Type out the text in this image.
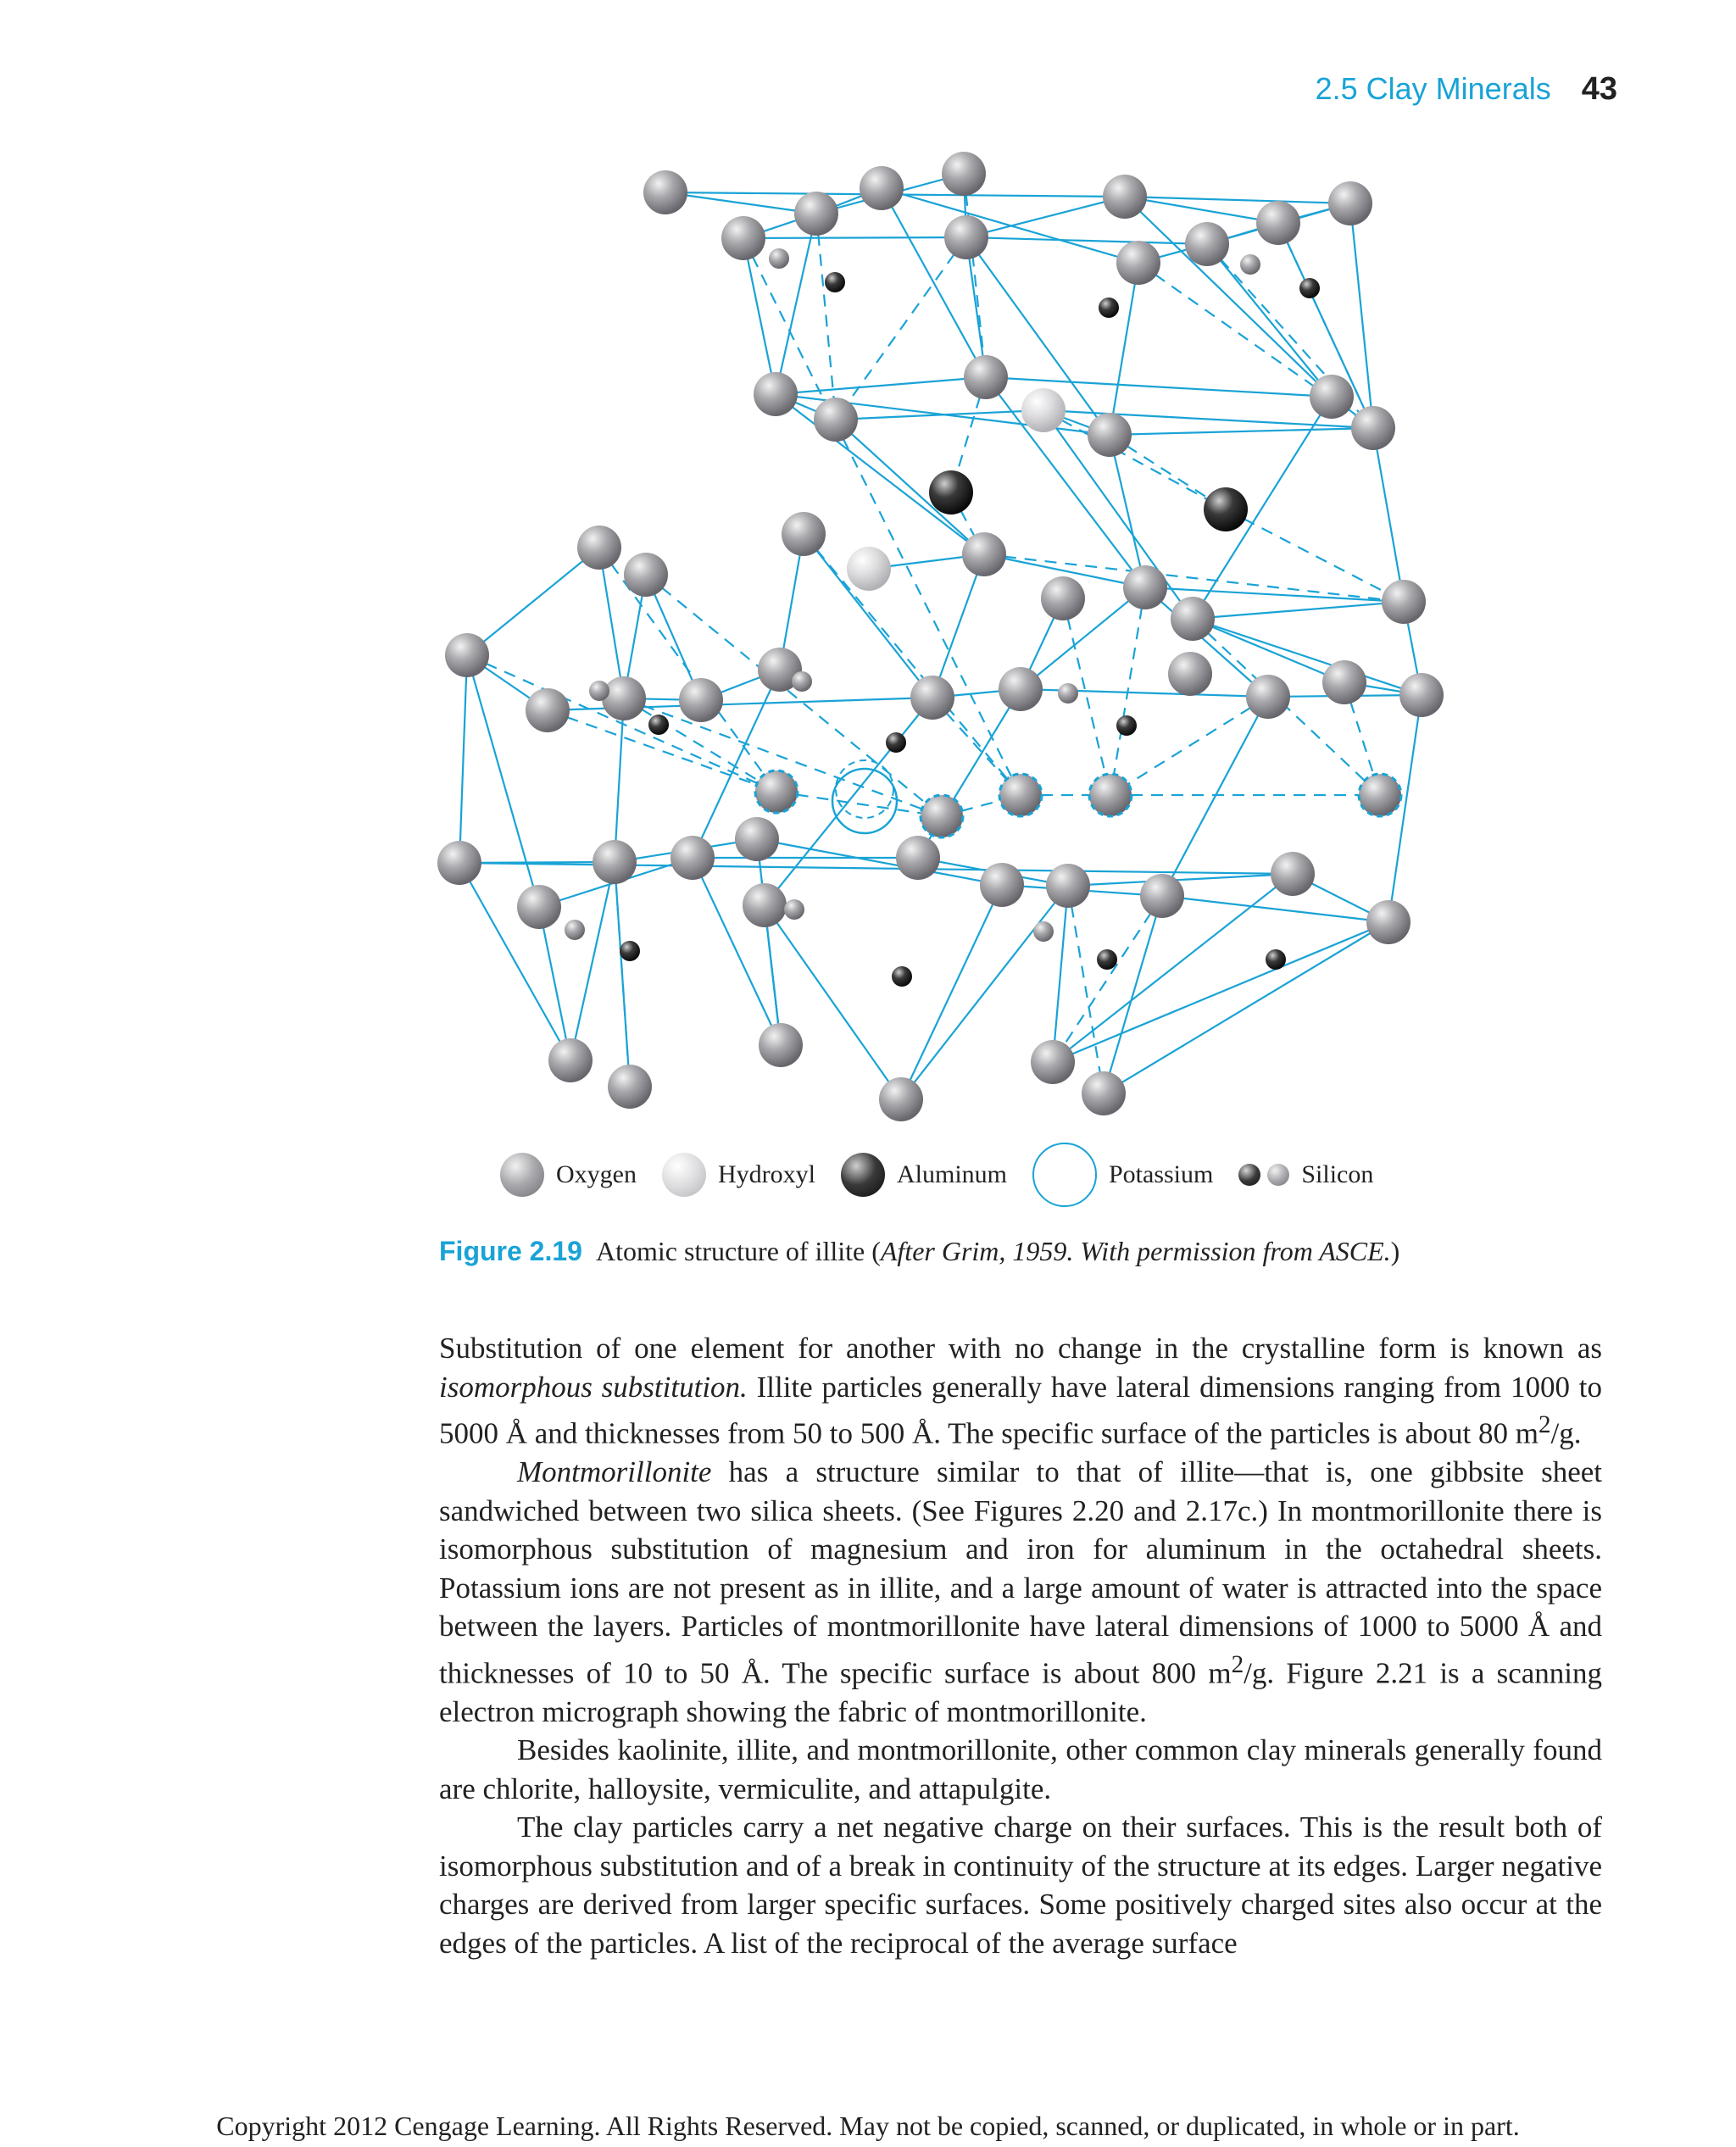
2.5 Clay Minerals 43
Oxygen	Hydroxyl	Aluminum	Potassium	Silicon
Figure 2.19 Atomic structure of illite (After Grim, 1959. With permission from ASCE.)

Substitution of one element for another with no change in the crystalline form is known as isomorphous substitution. Illite particles generally have lateral dimensions ranging from 1000 to 5000 Å and thicknesses from 50 to 500 Å. The specific surface of the particles is about 80 $m^2/g$.

Montmorillonite has a structure similar to that of illite—that is, one gibbsite sheet sandwiched between two silica sheets. (See Figures 2.20 and 2.17c.) In montmorillonite there is isomorphous substitution of magnesium and iron for aluminum in the octahedral sheets. Potassium ions are not present as in illite, and a large amount of water is attracted into the space between the layers. Particles of montmorillonite have lateral dimensions of 1000 to 5000 Å and thicknesses of 10 to 50 Å. The specific surface is about 800 $m^2/g$. Figure 2.21 is a scanning electron micrograph showing the fabric of montmorillonite.

Besides kaolinite, illite, and montmorillonite, other common clay minerals generally found are chlorite, halloysite, vermiculite, and attapulgite.

The clay particles carry a net negative charge on their surfaces. This is the result both of isomorphous substitution and of a break in continuity of the structure at its edges. Larger negative charges are derived from larger specific surfaces. Some positively charged sites also occur at the edges of the particles. A list of the reciprocal of the average surface

Copyright 2012 Cengage Learning. All Rights Reserved. May not be copied, scanned, or duplicated, in whole or in part.
